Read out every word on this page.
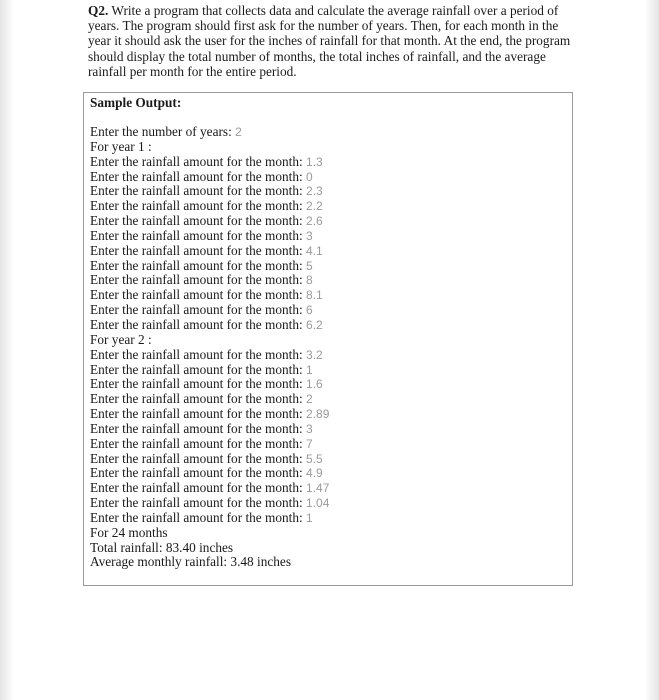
Q2. Write a program that collects data and calculate the average rainfall over a period of years. The program should first ask for the number of years. Then, for each month in the year it should ask the user for the inches of rainfall for that month. At the end, the program should display the total number of months, the total inches of rainfall, and the average rainfall per month for the entire period.

Sample Output:
Enter the number of years: 2
For year 1 :
Enter the rainfall amount for the month: 1.3
Enter the rainfall amount for the month: 0
Enter the rainfall amount for the month: 2.3
Enter the rainfall amount for the month: 2.2
Enter the rainfall amount for the month: 2.6
Enter the rainfall amount for the month: 3
Enter the rainfall amount for the month: 4.1
Enter the rainfall amount for the month: 5
Enter the rainfall amount for the month: 8
Enter the rainfall amount for the month: 8.1
Enter the rainfall amount for the month: 6
Enter the rainfall amount for the month: 6.2
For year 2 :
Enter the rainfall amount for the month: 3.2
Enter the rainfall amount for the month: 1
Enter the rainfall amount for the month: 1.6
Enter the rainfall amount for the month: 2
Enter the rainfall amount for the month: 2.89
Enter the rainfall amount for the month: 3
Enter the rainfall amount for the month: 7
Enter the rainfall amount for the month: 5.5
Enter the rainfall amount for the month: 4.9
Enter the rainfall amount for the month: 1.47
Enter the rainfall amount for the month: 1.04
Enter the rainfall amount for the month: 1
For 24 months
Total rainfall: 83.40 inches
Average monthly rainfall: 3.48 inches
